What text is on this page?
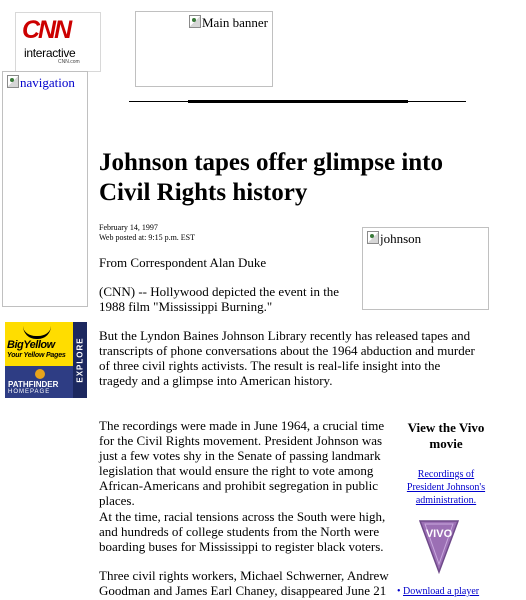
CNN
interactive
CNN.com
Main banner
navigation
Johnson tapes offer glimpse into Civil Rights history
February 14, 1997
Web posted at: 9:15 p.m. EST	johnson
From Correspondent Alan Duke

(CNN) -- Hollywood depicted the event in the 1988 film "Mississippi Burning."

But the Lyndon Baines Johnson Library recently has released tapes and transcripts of phone conversations about the 1964 abduction and murder of three civil rights activists. The result is real-life insight into the tragedy and a glimpse into American history.

The recordings were made in June 1964, a crucial time for the Civil Rights movement. President Johnson was just a few votes shy in the Senate of passing landmark legislation that would ensure the right to vote among African-Americans and prohibit segregation in public places.

At the time, racial tensions across the South were high, and hundreds of college students from the North were boarding buses for Mississippi to register black voters.

Three civil rights workers, Michael Schwerner, Andrew Goodman and James Earl Chaney, disappeared June 21

BigYellow
Your Yellow Pages
PATHFINDER
HOMEPAGE
EXPLORE
View the Vivo movie
Recordings of President Johnson's administration.
VIVO
• Download a player
